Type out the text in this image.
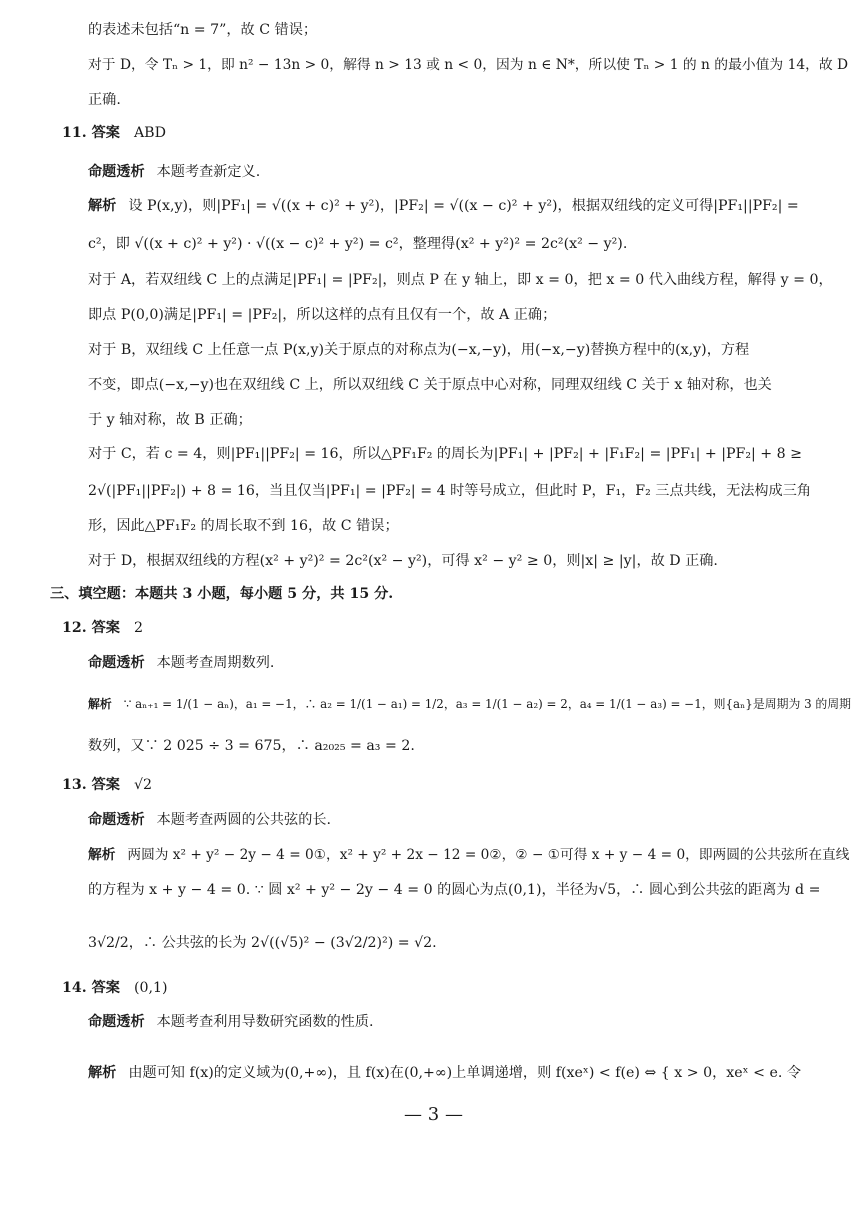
的表述未包括“n = 7”，故 C 错误；
对于 D，令 Tₙ > 1，即 n² − 13n > 0，解得 n > 13 或 n < 0，因为 n ∈ N*，所以使 Tₙ > 1 的 n 的最小值为 14，故 D
正确.
11. 答案 ABD
命题透析 本题考查新定义.
解析 设 P(x,y)，则|PF₁| = √((x + c)² + y²)，|PF₂| = √((x − c)² + y²)，根据双纽线的定义可得|PF₁||PF₂| =
c²，即 √((x + c)² + y²) · √((x − c)² + y²) = c²，整理得(x² + y²)² = 2c²(x² − y²).
对于 A，若双纽线 C 上的点满足|PF₁| = |PF₂|，则点 P 在 y 轴上，即 x = 0，把 x = 0 代入曲线方程，解得 y = 0，
即点 P(0,0)满足|PF₁| = |PF₂|，所以这样的点有且仅有一个，故 A 正确；
对于 B，双纽线 C 上任意一点 P(x,y)关于原点的对称点为(−x,−y)，用(−x,−y)替换方程中的(x,y)，方程
不变，即点(−x,−y)也在双纽线 C 上，所以双纽线 C 关于原点中心对称，同理双纽线 C 关于 x 轴对称，也关
于 y 轴对称，故 B 正确；
对于 C，若 c = 4，则|PF₁||PF₂| = 16，所以△PF₁F₂ 的周长为|PF₁| + |PF₂| + |F₁F₂| = |PF₁| + |PF₂| + 8 ≥
2√(|PF₁||PF₂|) + 8 = 16，当且仅当|PF₁| = |PF₂| = 4 时等号成立，但此时 P，F₁，F₂ 三点共线，无法构成三角
形，因此△PF₁F₂ 的周长取不到 16，故 C 错误；
对于 D，根据双纽线的方程(x² + y²)² = 2c²(x² − y²)，可得 x² − y² ≥ 0，则|x| ≥ |y|，故 D 正确.
三、填空题：本题共 3 小题，每小题 5 分，共 15 分.
12. 答案 2
命题透析 本题考查周期数列.
解析 ∵ aₙ₊₁ = 1/(1 − aₙ)，a₁ = −1，∴ a₂ = 1/(1 − a₁) = 1/2，a₃ = 1/(1 − a₂) = 2，a₄ = 1/(1 − a₃) = −1，则{aₙ}是周期为 3 的周期
数列，又∵ 2 025 ÷ 3 = 675，∴ a₂₀₂₅ = a₃ = 2.
13. 答案 √2
命题透析 本题考查两圆的公共弦的长.
解析 两圆为 x² + y² − 2y − 4 = 0①，x² + y² + 2x − 12 = 0②，② − ①可得 x + y − 4 = 0，即两圆的公共弦所在直线
的方程为 x + y − 4 = 0. ∵ 圆 x² + y² − 2y − 4 = 0 的圆心为点(0,1)，半径为√5，∴ 圆心到公共弦的距离为 d =
3√2/2，∴ 公共弦的长为 2√((√5)² − (3√2/2)²) = √2.
14. 答案 (0,1)
命题透析 本题考查利用导数研究函数的性质.
解析 由题可知 f(x)的定义域为(0,+∞)，且 f(x)在(0,+∞)上单调递增，则 f(xeˣ) < f(e) ⇔ { x > 0，xeˣ < e. 令
— 3 —
